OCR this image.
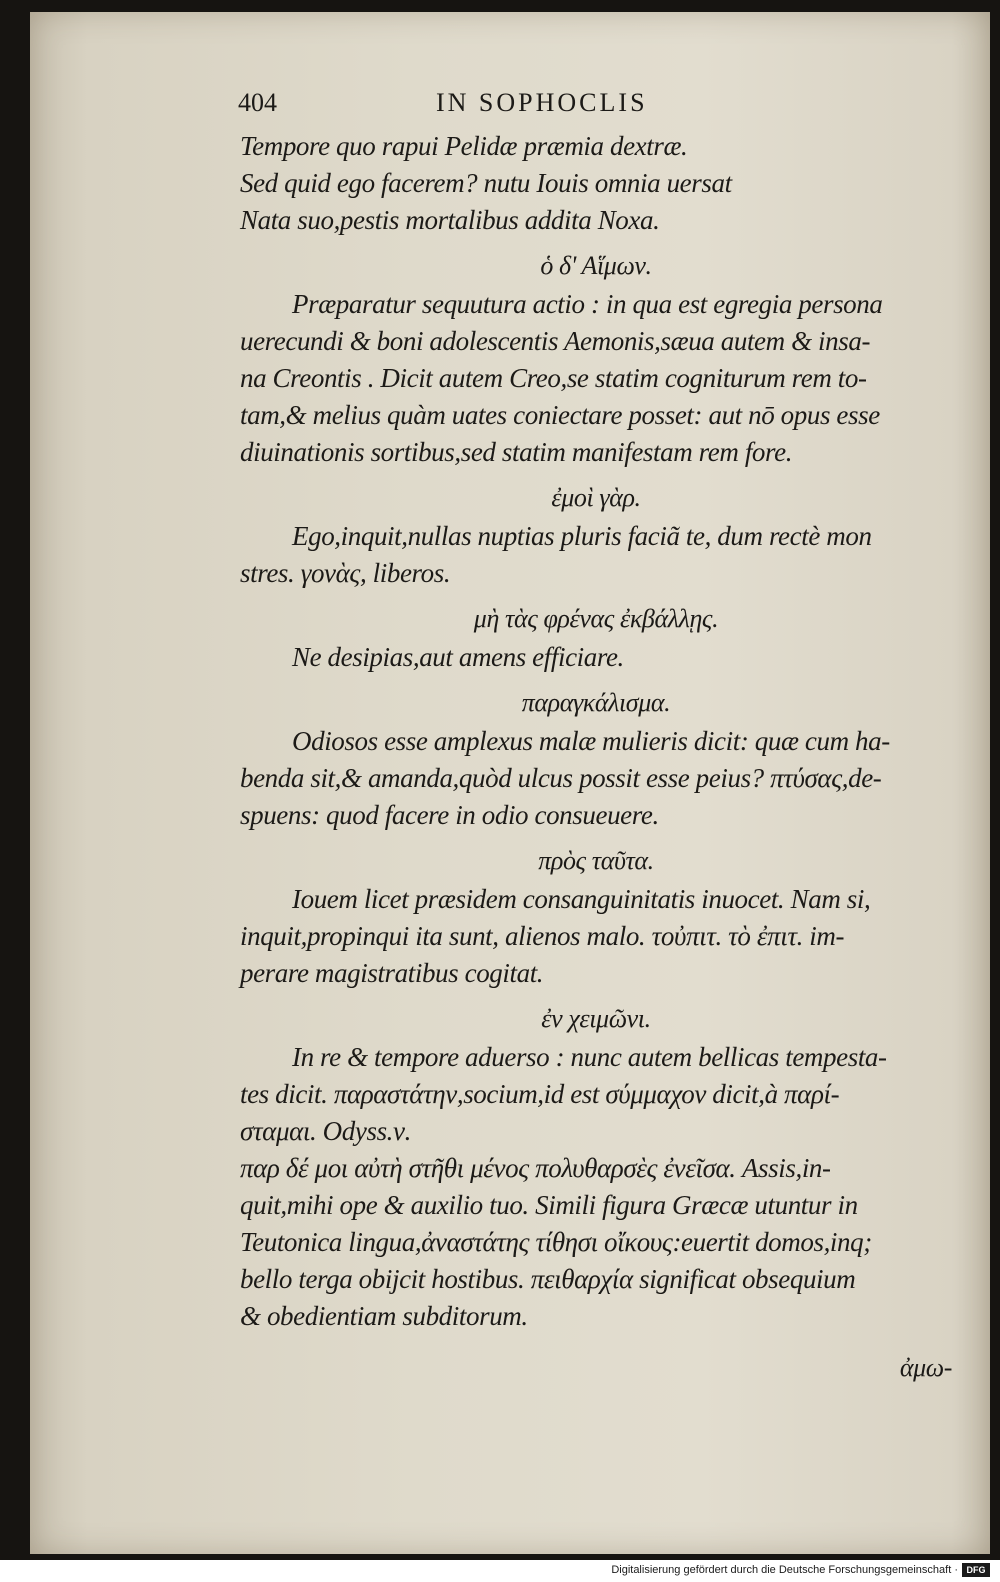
404	IN SOPHOCLIS
Tempore quo rapui Pelidæ præmia dextræ.
Sed quid ego facerem? nutu Iouis omnia uersat
Nata suo,pestis mortalibus addita Noxa.
ὁ δ' Αἵμων.
Præparatur sequutura actio : in qua est egregia persona
uerecundi & boni adolescentis Aemonis,sæua autem & insa-
na Creontis . Dicit autem Creo,se statim cogniturum rem to-
tam,& melius quàm uates coniectare posset: aut nō opus esse
diuinationis sortibus,sed statim manifestam rem fore.
ἐμοὶ γὰρ.
Ego,inquit,nullas nuptias pluris faciã te, dum rectè mon
stres. γονὰς, liberos.
μὴ τὰς φρένας ἐκβάλλῃς.
Ne desipias,aut amens efficiare.
παραγκάλισμα.
Odiosos esse amplexus malæ mulieris dicit: quæ cum ha-
benda sit,& amanda,quòd ulcus possit esse peius? πτύσας,de-
spuens: quod facere in odio consueuere.
πρὸς ταῦτα.
Iouem licet præsidem consanguinitatis inuocet. Nam si,
inquit,propinqui ita sunt, alienos malo. τοὐπιτ. τὸ ἐπιτ. im-
perare magistratibus cogitat.
ἐν χειμῶνι.
In re & tempore aduerso : nunc autem bellicas tempesta-
tes dicit. παραστάτην,socium,id est σύμμαχον dicit,à παρί-
σταμαι. Odyss.ν.
παρ δέ μοι αὐτὴ στῆθι μένος πολυθαρσὲς ἐνεῖσα. Assis,in-
quit,mihi ope & auxilio tuo. Simili figura Græcæ utuntur in
Teutonica lingua,ἀναστάτης τίθησι οἴκους:euertit domos,inq;
bello terga obijcit hostibus. πειθαρχία significat obsequium
& obedientiam subditorum.
ἀμω-
Digitalisierung gefördert durch die Deutsche Forschungsgemeinschaft · DFG
